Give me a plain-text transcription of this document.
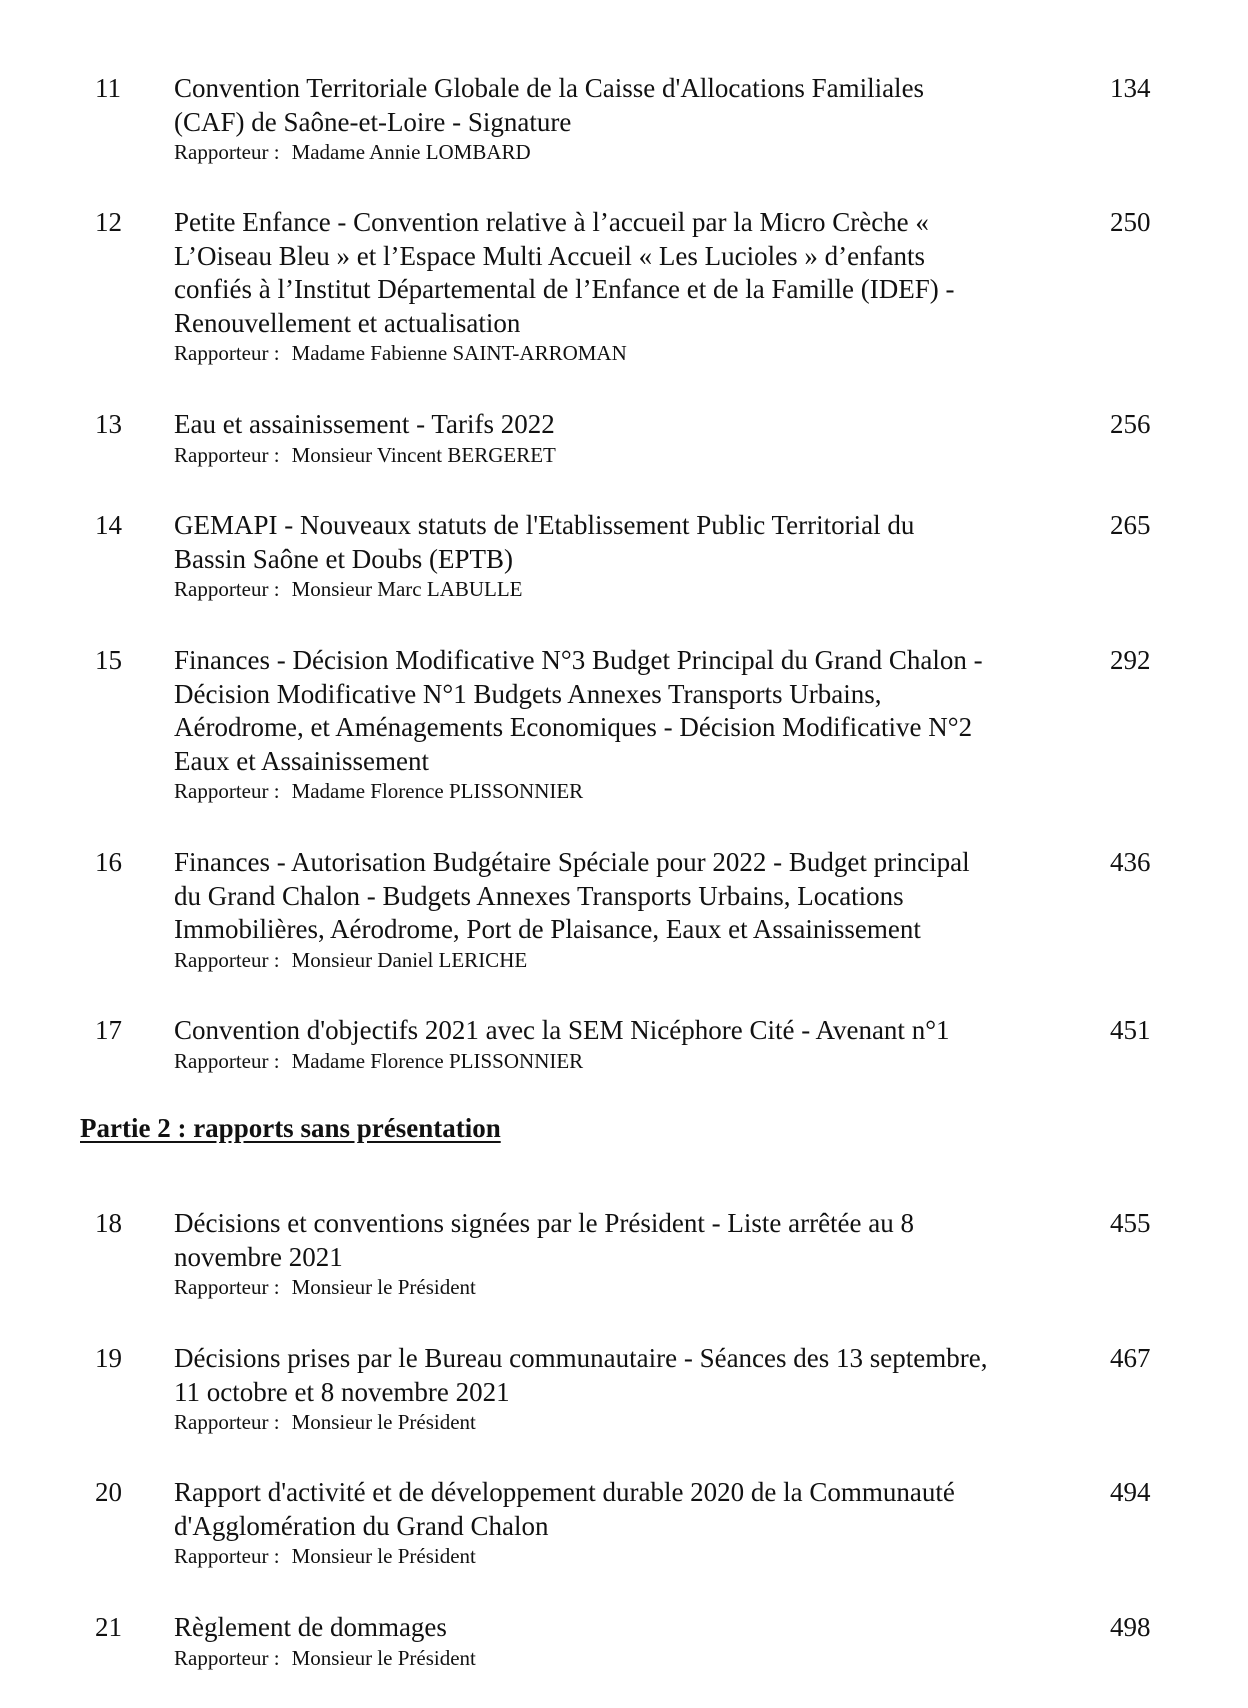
11 Convention Territoriale Globale de la Caisse d'Allocations Familiales
(CAF) de Saône-et-Loire - Signature
Rapporteur : Madame Annie LOMBARD
134
12 Petite Enfance - Convention relative à l’accueil par la Micro Crèche «
L’Oiseau Bleu » et l’Espace Multi Accueil « Les Lucioles » d’enfants
confiés à l’Institut Départemental de l’Enfance et de la Famille (IDEF) -
Renouvellement et actualisation
Rapporteur : Madame Fabienne SAINT-ARROMAN
250
13 Eau et assainissement - Tarifs 2022
Rapporteur : Monsieur Vincent BERGERET
256
14 GEMAPI - Nouveaux statuts de l'Etablissement Public Territorial du
Bassin Saône et Doubs (EPTB)
Rapporteur : Monsieur Marc LABULLE
265
15 Finances - Décision Modificative N°3 Budget Principal du Grand Chalon -
Décision Modificative N°1 Budgets Annexes Transports Urbains,
Aérodrome, et Aménagements Economiques - Décision Modificative N°2
Eaux et Assainissement
Rapporteur : Madame Florence PLISSONNIER
292
16 Finances - Autorisation Budgétaire Spéciale pour 2022 - Budget principal
du Grand Chalon - Budgets Annexes Transports Urbains, Locations
Immobilières, Aérodrome, Port de Plaisance, Eaux et Assainissement
Rapporteur : Monsieur Daniel LERICHE
436
17 Convention d'objectifs 2021 avec la SEM Nicéphore Cité - Avenant n°1
Rapporteur : Madame Florence PLISSONNIER
451
Partie 2 : rapports sans présentation
18 Décisions et conventions signées par le Président - Liste arrêtée au 8
novembre 2021
Rapporteur : Monsieur le Président
455
19 Décisions prises par le Bureau communautaire - Séances des 13 septembre,
11 octobre et 8 novembre 2021
Rapporteur : Monsieur le Président
467
20 Rapport d'activité et de développement durable 2020 de la Communauté
d'Agglomération du Grand Chalon
Rapporteur : Monsieur le Président
494
21 Règlement de dommages
Rapporteur : Monsieur le Président
498
